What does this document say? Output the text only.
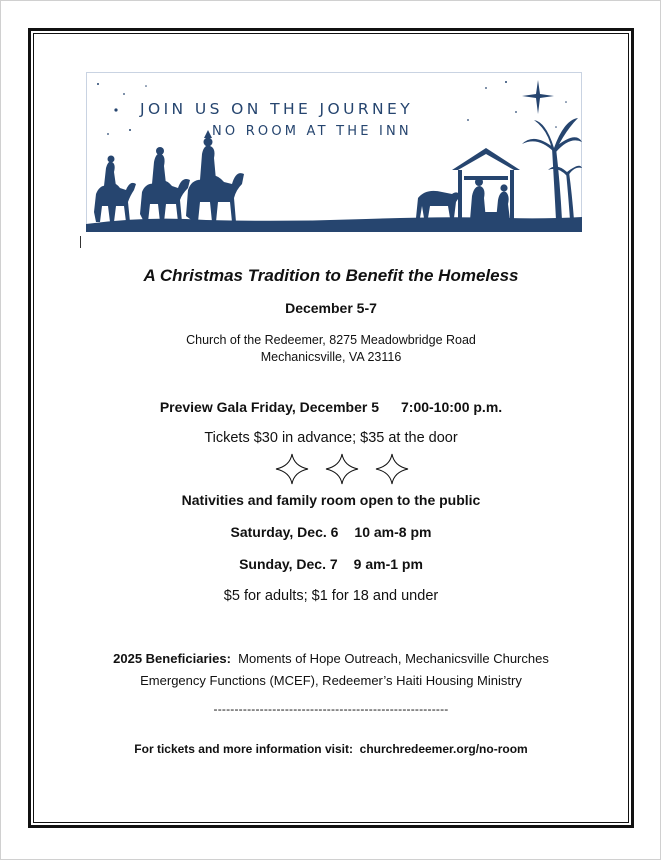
JOIN US ON THE JOURNEY
NO ROOM AT THE INN
A Christmas Tradition to Benefit the Homeless
December 5-7
Church of the Redeemer, 8275 Meadowbridge Road
Mechanicsville, VA 23116
Preview Gala Friday, December 5 7:00-10:00 p.m.
Tickets $30 in advance; $35 at the door
Nativities and family room open to the public
Saturday, Dec. 6 10 am-8 pm
Sunday, Dec. 7 9 am-1 pm
$5 for adults; $1 for 18 and under
2025 Beneficiaries: Moments of Hope Outreach, Mechanicsville Churches
Emergency Functions (MCEF), Redeemer’s Haiti Housing Ministry
--------------------------------------------------------
For tickets and more information visit: churchredeemer.org/no-room
